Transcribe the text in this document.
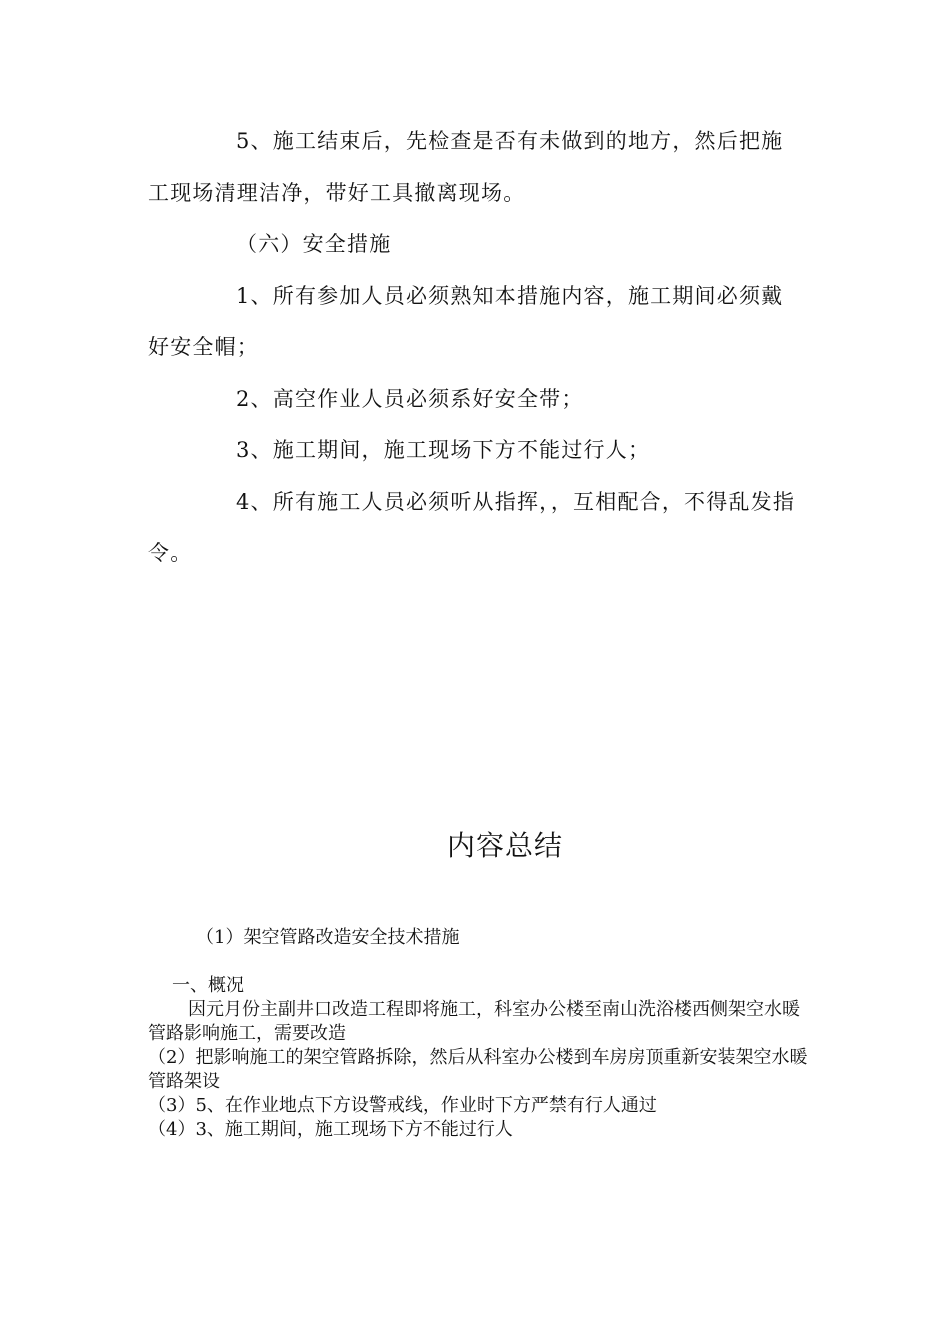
5、施工结束后，先检查是否有未做到的地方，然后把施工现场清理洁净，带好工具撤离现场。

（六）安全措施

1、所有参加人员必须熟知本措施内容，施工期间必须戴好安全帽；

2、高空作业人员必须系好安全带；

3、施工期间，施工现场下方不能过行人；

4、所有施工人员必须听从指挥，，互相配合，不得乱发指令。

内容总结

（1）架空管路改造安全技术措施

一、概况

因元月份主副井口改造工程即将施工，科室办公楼至南山洗浴楼西侧架空水暖管路影响施工，需要改造

（2）把影响施工的架空管路拆除，然后从科室办公楼到车房房顶重新安装架空水暖管路架设

（3）5、在作业地点下方设警戒线，作业时下方严禁有行人通过

（4）3、施工期间，施工现场下方不能过行人
